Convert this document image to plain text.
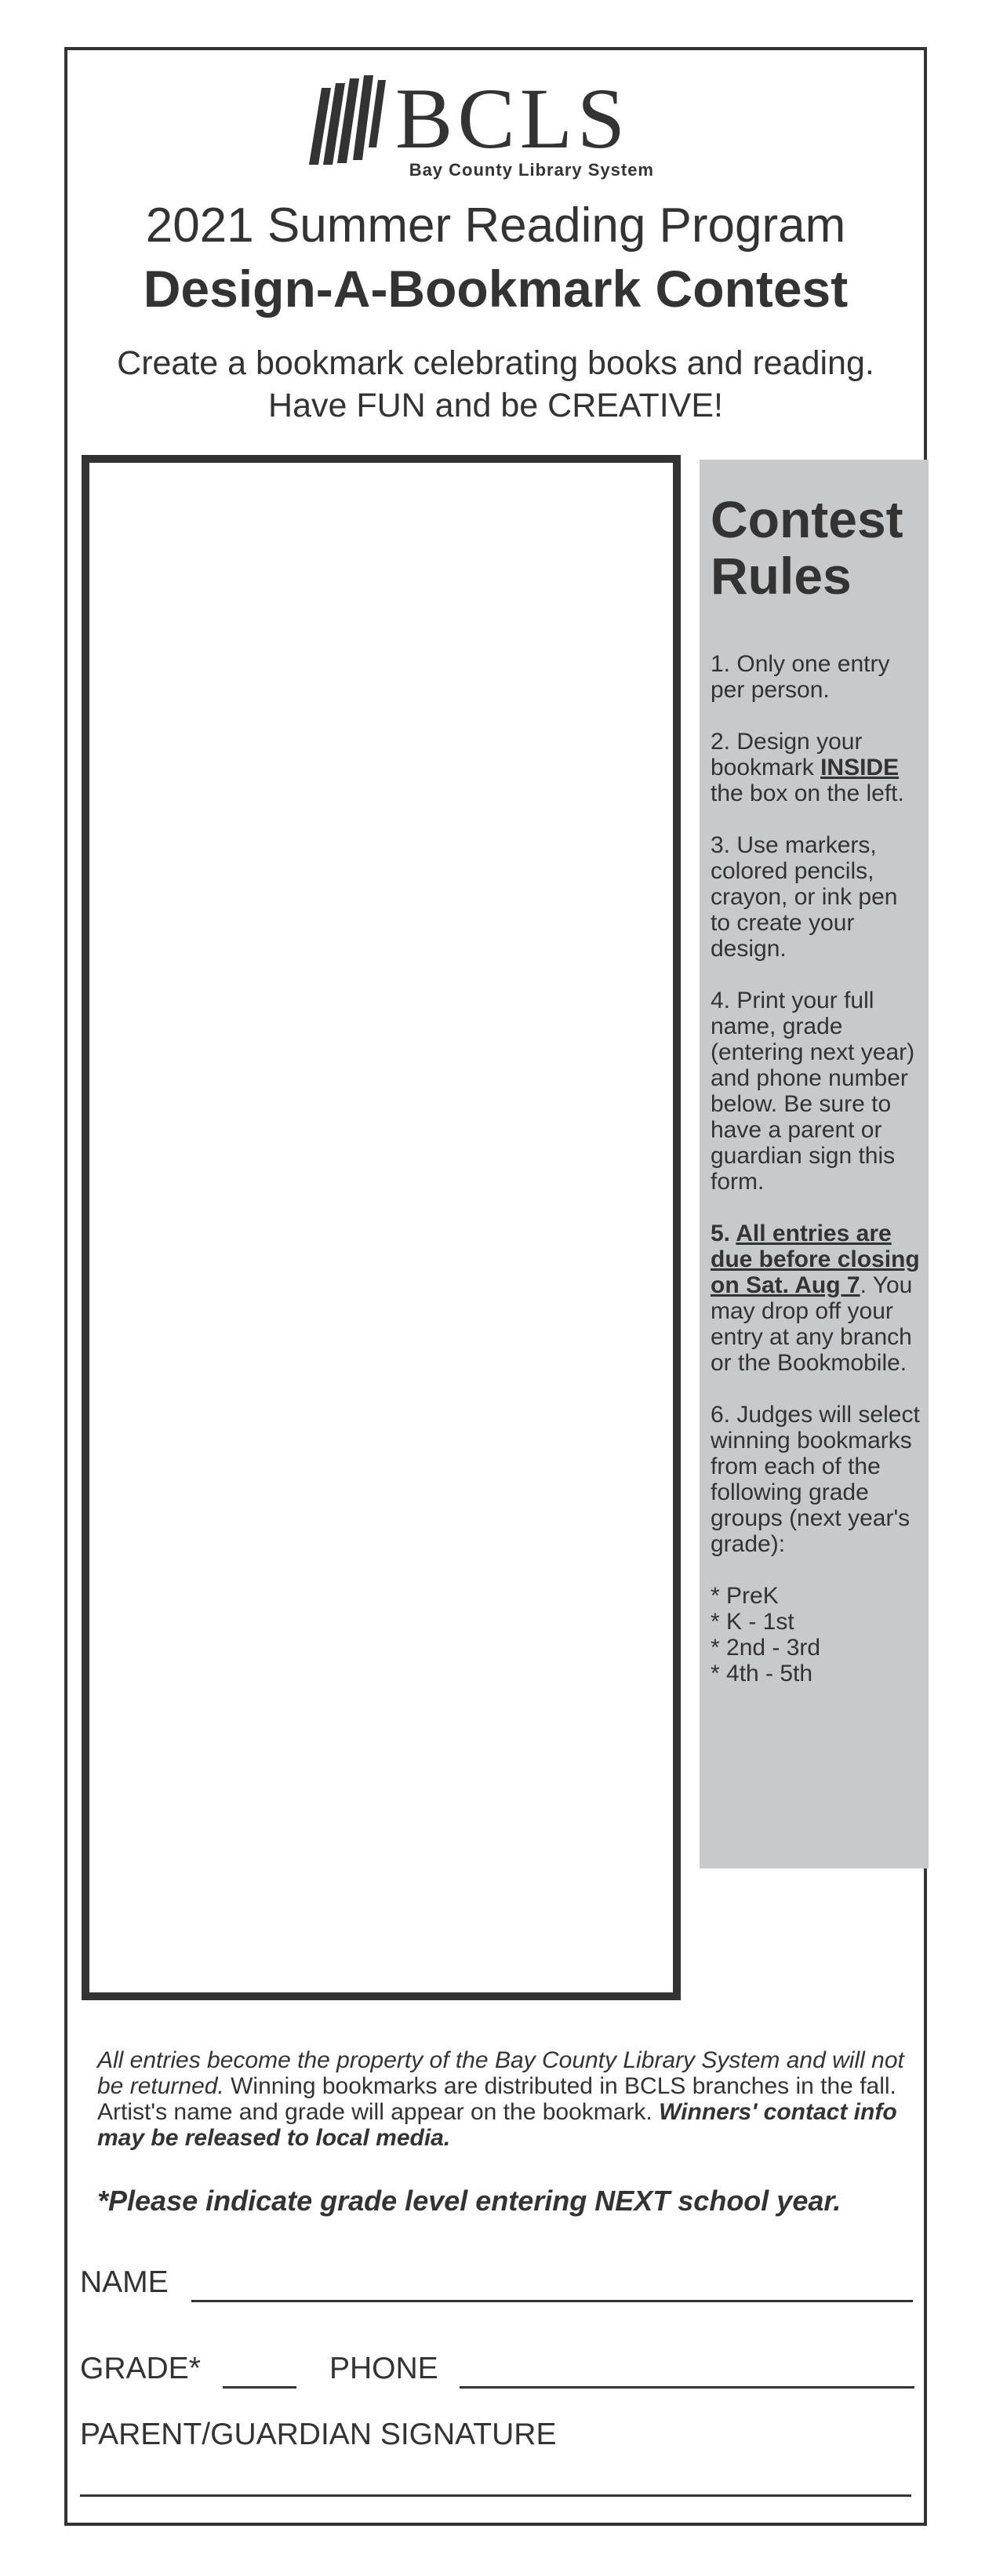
BCLS
Bay County Library System
2021 Summer Reading Program
Design-A-Bookmark Contest
Create a bookmark celebrating books and reading.
Have FUN and be CREATIVE!
Contest
Rules
1. Only one entry per person.
2. Design your bookmark INSIDE the box on the left.
3. Use markers, colored pencils, crayon, or ink pen to create your design.
4. Print your full name, grade (entering next year) and phone number below. Be sure to have a parent or guardian sign this form.
5. All entries are due before closing on Sat. Aug 7. You may drop off your entry at any branch or the Bookmobile.
6. Judges will select winning bookmarks from each of the following grade groups (next year's grade):
* PreK
* K - 1st
* 2nd - 3rd
* 4th - 5th
All entries become the property of the Bay County Library System and will not be returned. Winning bookmarks are distributed in BCLS branches in the fall. Artist's name and grade will appear on the bookmark. Winners' contact info may be released to local media.
*Please indicate grade level entering NEXT school year.
NAME
GRADE*	PHONE
PARENT/GUARDIAN SIGNATURE
